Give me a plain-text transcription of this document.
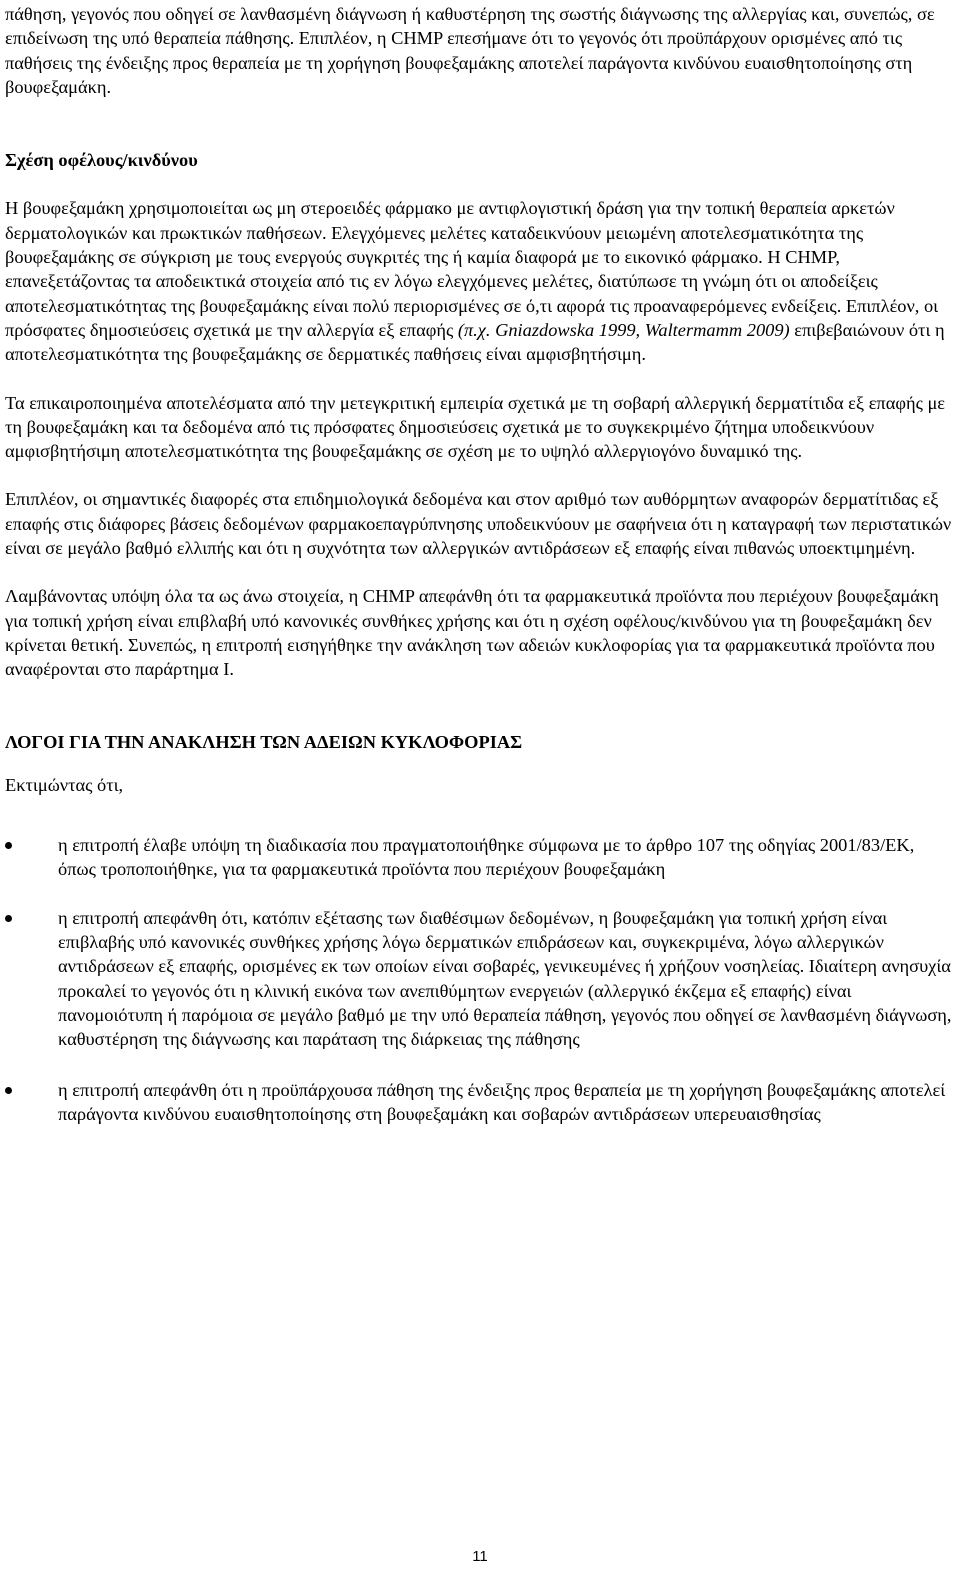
πάθηση, γεγονός που οδηγεί σε λανθασμένη διάγνωση ή καθυστέρηση της σωστής διάγνωσης της αλλεργίας και, συνεπώς, σε επιδείνωση της υπό θεραπεία πάθησης. Επιπλέον, η CHMP επεσήμανε ότι το γεγονός ότι προϋπάρχουν ορισμένες από τις παθήσεις της ένδειξης προς θεραπεία με τη χορήγηση βουφεξαμάκης αποτελεί παράγοντα κινδύνου ευαισθητοποίησης στη βουφεξαμάκη.

Σχέση οφέλους/κινδύνου

Η βουφεξαμάκη χρησιμοποιείται ως μη στεροειδές φάρμακο με αντιφλογιστική δράση για την τοπική θεραπεία αρκετών δερματολογικών και πρωκτικών παθήσεων. Ελεγχόμενες μελέτες καταδεικνύουν μειωμένη αποτελεσματικότητα της βουφεξαμάκης σε σύγκριση με τους ενεργούς συγκριτές της ή καμία διαφορά με το εικονικό φάρμακο. Η CHMP, επανεξετάζοντας τα αποδεικτικά στοιχεία από τις εν λόγω ελεγχόμενες μελέτες, διατύπωσε τη γνώμη ότι οι αποδείξεις αποτελεσματικότητας της βουφεξαμάκης είναι πολύ περιορισμένες σε ό,τι αφορά τις προαναφερόμενες ενδείξεις. Επιπλέον, οι πρόσφατες δημοσιεύσεις σχετικά με την αλλεργία εξ επαφής (π.χ. Gniazdowska 1999, Waltermamm 2009) επιβεβαιώνουν ότι η αποτελεσματικότητα της βουφεξαμάκης σε δερματικές παθήσεις είναι αμφισβητήσιμη.

Τα επικαιροποιημένα αποτελέσματα από την μετεγκριτική εμπειρία σχετικά με τη σοβαρή αλλεργική δερματίτιδα εξ επαφής με τη βουφεξαμάκη και τα δεδομένα από τις πρόσφατες δημοσιεύσεις σχετικά με το συγκεκριμένο ζήτημα υποδεικνύουν αμφισβητήσιμη αποτελεσματικότητα της βουφεξαμάκης σε σχέση με το υψηλό αλλεργιογόνο δυναμικό της.

Επιπλέον, οι σημαντικές διαφορές στα επιδημιολογικά δεδομένα και στον αριθμό των αυθόρμητων αναφορών δερματίτιδας εξ επαφής στις διάφορες βάσεις δεδομένων φαρμακοεπαγρύπνησης υποδεικνύουν με σαφήνεια ότι η καταγραφή των περιστατικών είναι σε μεγάλο βαθμό ελλιπής και ότι η συχνότητα των αλλεργικών αντιδράσεων εξ επαφής είναι πιθανώς υποεκτιμημένη.

Λαμβάνοντας υπόψη όλα τα ως άνω στοιχεία, η CHMP απεφάνθη ότι τα φαρμακευτικά προϊόντα που περιέχουν βουφεξαμάκη για τοπική χρήση είναι επιβλαβή υπό κανονικές συνθήκες χρήσης και ότι η σχέση οφέλους/κινδύνου για τη βουφεξαμάκη δεν κρίνεται θετική. Συνεπώς, η επιτροπή εισηγήθηκε την ανάκληση των αδειών κυκλοφορίας για τα φαρμακευτικά προϊόντα που αναφέρονται στο παράρτημα Ι.

ΛΟΓΟΙ ΓΙΑ ΤΗΝ ΑΝΑΚΛΗΣΗ ΤΩΝ ΑΔΕΙΩΝ ΚΥΚΛΟΦΟΡΙΑΣ

Εκτιμώντας ότι,

η επιτροπή έλαβε υπόψη τη διαδικασία που πραγματοποιήθηκε σύμφωνα με το άρθρο 107 της οδηγίας 2001/83/ΕΚ, όπως τροποποιήθηκε, για τα φαρμακευτικά προϊόντα που περιέχουν βουφεξαμάκη
η επιτροπή απεφάνθη ότι, κατόπιν εξέτασης των διαθέσιμων δεδομένων, η βουφεξαμάκη για τοπική χρήση είναι επιβλαβής υπό κανονικές συνθήκες χρήσης λόγω δερματικών επιδράσεων και, συγκεκριμένα, λόγω αλλεργικών αντιδράσεων εξ επαφής, ορισμένες εκ των οποίων είναι σοβαρές, γενικευμένες ή χρήζουν νοσηλείας. Ιδιαίτερη ανησυχία προκαλεί το γεγονός ότι η κλινική εικόνα των ανεπιθύμητων ενεργειών (αλλεργικό έκζεμα εξ επαφής) είναι πανομοιότυπη ή παρόμοια σε μεγάλο βαθμό με την υπό θεραπεία πάθηση, γεγονός που οδηγεί σε λανθασμένη διάγνωση, καθυστέρηση της διάγνωσης και παράταση της διάρκειας της πάθησης
η επιτροπή απεφάνθη ότι η προϋπάρχουσα πάθηση της ένδειξης προς θεραπεία με τη χορήγηση βουφεξαμάκης αποτελεί παράγοντα κινδύνου ευαισθητοποίησης στη βουφεξαμάκη και σοβαρών αντιδράσεων υπερευαισθησίας
11
